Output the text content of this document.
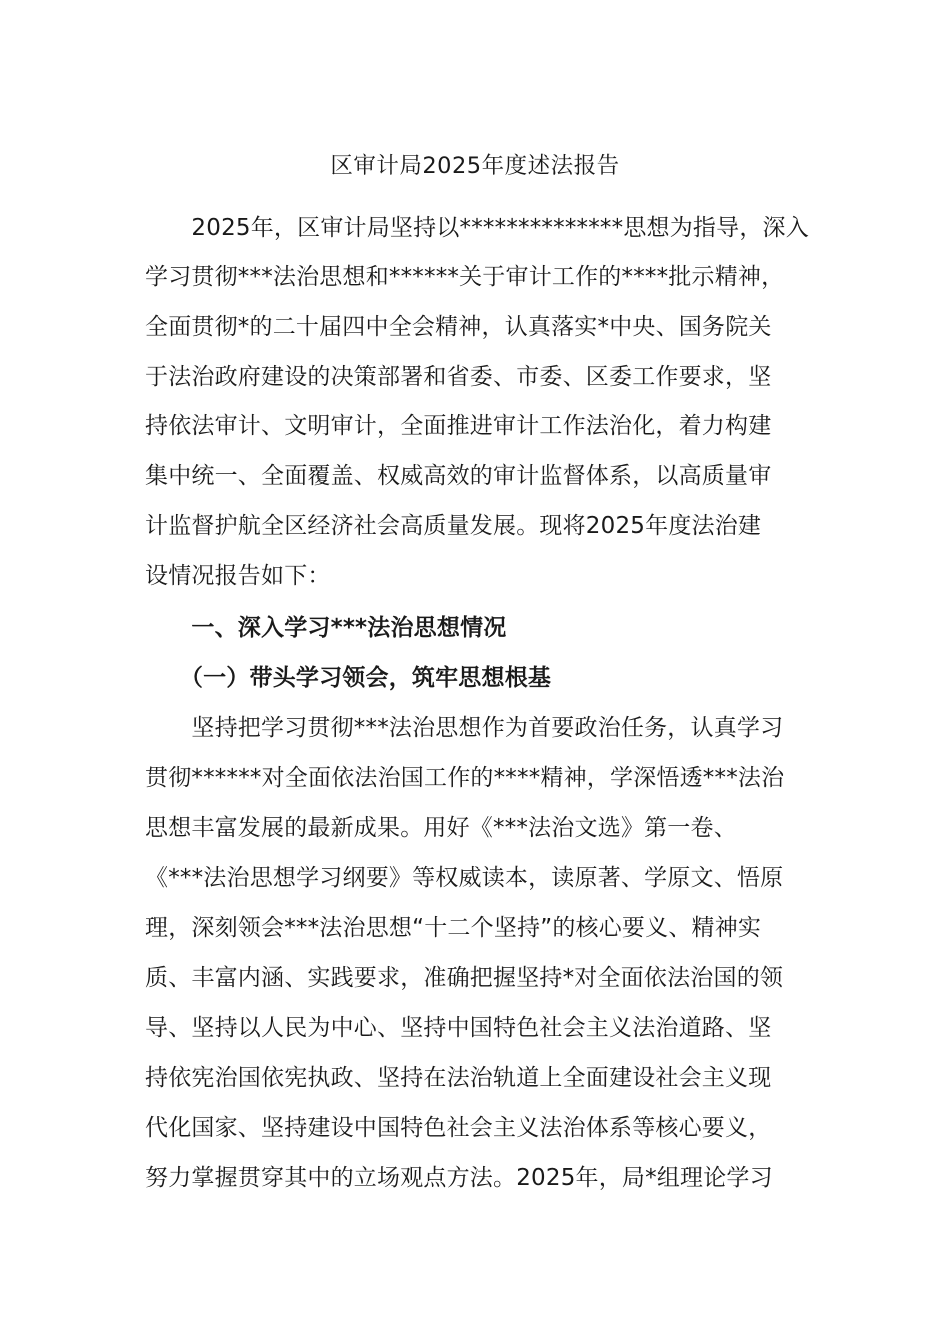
区审计局2025年度述法报告
　　2025年，区审计局坚持以**************思想为指导，深入
学习贯彻***法治思想和******关于审计工作的****批示精神，
全面贯彻*的二十届四中全会精神，认真落实*中央、国务院关
于法治政府建设的决策部署和省委、市委、区委工作要求，坚
持依法审计、文明审计，全面推进审计工作法治化，着力构建
集中统一、全面覆盖、权威高效的审计监督体系，以高质量审
计监督护航全区经济社会高质量发展。现将2025年度法治建
设情况报告如下：
　　一、深入学习***法治思想情况
　　（一）带头学习领会，筑牢思想根基
　　坚持把学习贯彻***法治思想作为首要政治任务，认真学习
贯彻******对全面依法治国工作的****精神，学深悟透***法治
思想丰富发展的最新成果。用好《***法治文选》第一卷、
《***法治思想学习纲要》等权威读本，读原著、学原文、悟原
理，深刻领会***法治思想“十二个坚持”的核心要义、精神实
质、丰富内涵、实践要求，准确把握坚持*对全面依法治国的领
导、坚持以人民为中心、坚持中国特色社会主义法治道路、坚
持依宪治国依宪执政、坚持在法治轨道上全面建设社会主义现
代化国家、坚持建设中国特色社会主义法治体系等核心要义，
努力掌握贯穿其中的立场观点方法。2025年，局*组理论学习
